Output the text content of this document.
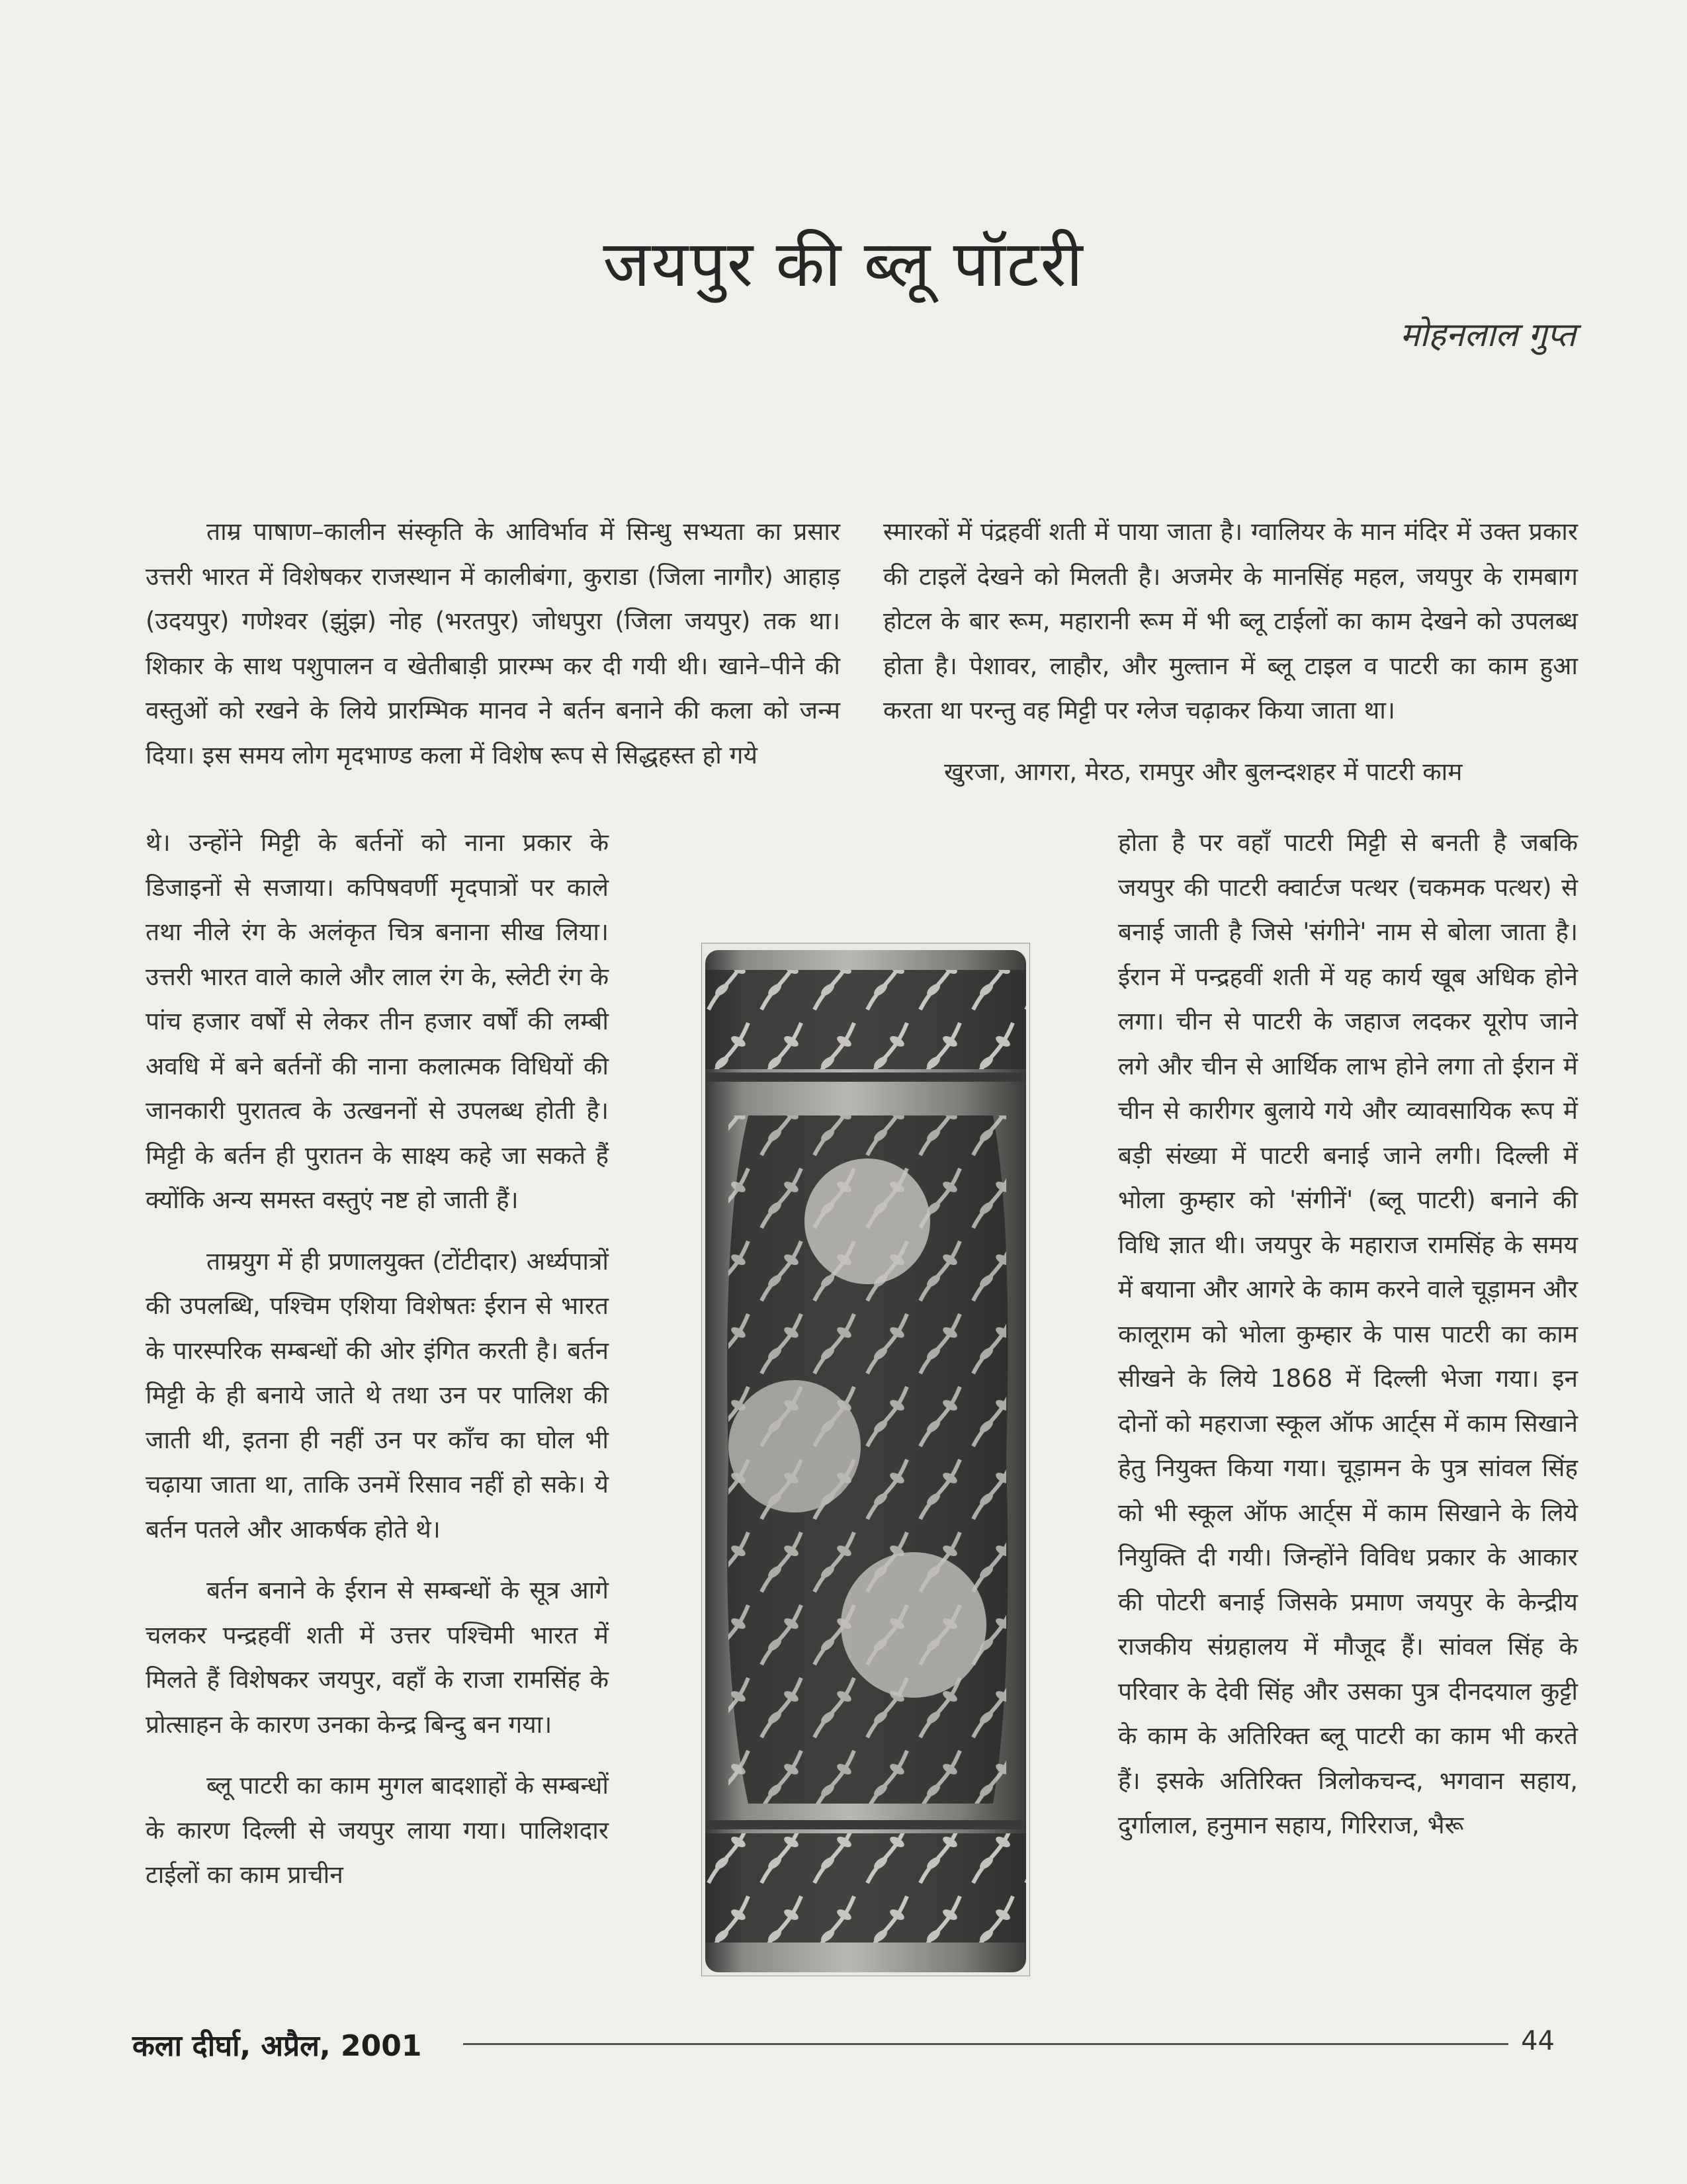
जयपुर की ब्लू पॉटरी
मोहनलाल गुप्त

ताम्र पाषाण–कालीन संस्कृति के आविर्भाव में सिन्धु सभ्यता का प्रसार उत्तरी भारत में विशेषकर राजस्थान में कालीबंगा, कुराडा (जिला नागौर) आहाड़ (उदयपुर) गणेश्वर (झुंझ) नोह (भरतपुर) जोधपुरा (जिला जयपुर) तक था। शिकार के साथ पशुपालन व खेतीबाड़ी प्रारम्भ कर दी गयी थी। खाने–पीने की वस्तुओं को रखने के लिये प्रारम्भिक मानव ने बर्तन बनाने की कला को जन्म दिया। इस समय लोग मृदभाण्ड कला में विशेष रूप से सिद्धहस्त हो गये

थे। उन्होंने मिट्टी के बर्तनों को नाना प्रकार के डिजाइनों से सजाया। कपिषवर्णी मृदपात्रों पर काले तथा नीले रंग के अलंकृत चित्र बनाना सीख लिया। उत्तरी भारत वाले काले और लाल रंग के, स्लेटी रंग के पांच हजार वर्षों से लेकर तीन हजार वर्षों की लम्बी अवधि में बने बर्तनों की नाना कलात्मक विधियों की जानकारी पुरातत्व के उत्खननों से उपलब्ध होती है। मिट्टी के बर्तन ही पुरातन के साक्ष्य कहे जा सकते हैं क्योंकि अन्य समस्त वस्तुएं नष्ट हो जाती हैं।

ताम्रयुग में ही प्रणालयुक्त (टोंटीदार) अर्ध्यपात्रों की उपलब्धि, पश्चिम एशिया विशेषतः ईरान से भारत के पारस्परिक सम्बन्धों की ओर इंगित करती है। बर्तन मिट्टी के ही बनाये जाते थे तथा उन पर पालिश की जाती थी, इतना ही नहीं उन पर काँच का घोल भी चढ़ाया जाता था, ताकि उनमें रिसाव नहीं हो सके। ये बर्तन पतले और आकर्षक होते थे।

बर्तन बनाने के ईरान से सम्बन्धों के सूत्र आगे चलकर पन्द्रहवीं शती में उत्तर पश्चिमी भारत में मिलते हैं विशेषकर जयपुर, वहाँ के राजा रामसिंह के प्रोत्साहन के कारण उनका केन्द्र बिन्दु बन गया।

ब्लू पाटरी का काम मुगल बादशाहों के सम्बन्धों के कारण दिल्ली से जयपुर लाया गया। पालिशदार टाईलों का काम प्राचीन

स्मारकों में पंद्रहवीं शती में पाया जाता है। ग्वालियर के मान मंदिर में उक्त प्रकार की टाइलें देखने को मिलती है। अजमेर के मानसिंह महल, जयपुर के रामबाग होटल के बार रूम, महारानी रूम में भी ब्लू टाईलों का काम देखने को उपलब्ध होता है। पेशावर, लाहौर, और मुल्तान में ब्लू टाइल व पाटरी का काम हुआ करता था परन्तु वह मिट्टी पर ग्लेज चढ़ाकर किया जाता था।

खुरजा, आगरा, मेरठ, रामपुर और बुलन्दशहर में पाटरी काम

होता है पर वहाँ पाटरी मिट्टी से बनती है जबकि जयपुर की पाटरी क्वार्टज पत्थर (चकमक पत्थर) से बनाई जाती है जिसे 'संगीने' नाम से बोला जाता है। ईरान में पन्द्रहवीं शती में यह कार्य खूब अधिक होने लगा। चीन से पाटरी के जहाज लदकर यूरोप जाने लगे और चीन से आर्थिक लाभ होने लगा तो ईरान में चीन से कारीगर बुलाये गये और व्यावसायिक रूप में बड़ी संख्या में पाटरी बनाई जाने लगी। दिल्ली में भोला कुम्हार को 'संगीनें' (ब्लू पाटरी) बनाने की विधि ज्ञात थी। जयपुर के महाराज रामसिंह के समय में बयाना और आगरे के काम करने वाले चूड़ामन और कालूराम को भोला कुम्हार के पास पाटरी का काम सीखने के लिये 1868 में दिल्ली भेजा गया। इन दोनों को महराजा स्कूल ऑफ आर्ट्स में काम सिखाने हेतु नियुक्त किया गया। चूड़ामन के पुत्र सांवल सिंह को भी स्कूल ऑफ आर्ट्स में काम सिखाने के लिये नियुक्ति दी गयी। जिन्होंने विविध प्रकार के आकार की पोटरी बनाई जिसके प्रमाण जयपुर के केन्द्रीय राजकीय संग्रहालय में मौजूद हैं। सांवल सिंह के परिवार के देवी सिंह और उसका पुत्र दीनदयाल कुट्टी के काम के अतिरिक्त ब्लू पाटरी का काम भी करते हैं। इसके अतिरिक्त त्रिलोकचन्द, भगवान सहाय, दुर्गालाल, हनुमान सहाय, गिरिराज, भैरू

कला दीर्घा, अप्रैल, 2001	44
